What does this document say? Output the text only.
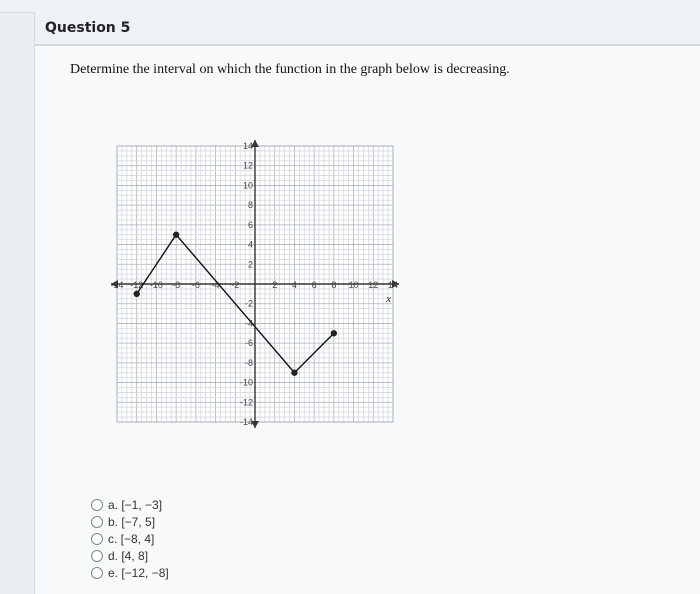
Question 5
Determine the interval on which the function in the graph below is decreasing.
-14 -12 -10 -8 -6 -4 -2	2 4 6 8 10 12 14
14
12
10
8
6
4
2
-2
-4
-6
-8
-10
-12
-14
x
a. [−1, −3]
b. [−7, 5]
c. [−8, 4]
d. [4, 8]
e. [−12, −8]
